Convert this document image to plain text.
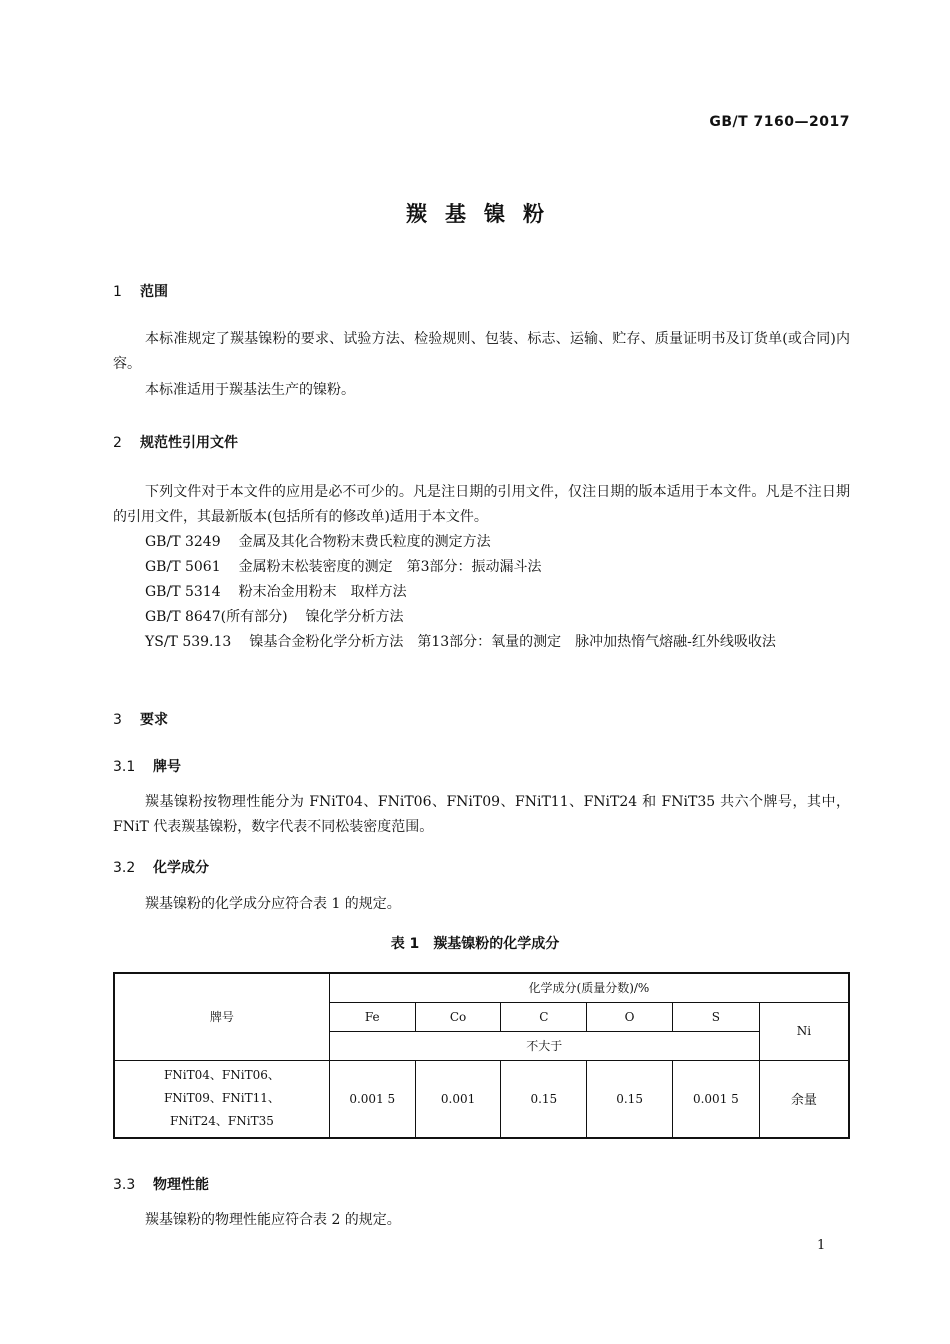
GB/T 7160—2017
羰基镍粉
1 范围
本标准规定了羰基镍粉的要求、试验方法、检验规则、包装、标志、运输、贮存、质量证明书及订货单(或合同)内容。
本标准适用于羰基法生产的镍粉。
2 规范性引用文件
下列文件对于本文件的应用是必不可少的。凡是注日期的引用文件，仅注日期的版本适用于本文件。凡是不注日期的引用文件，其最新版本(包括所有的修改单)适用于本文件。
GB/T 3249 金属及其化合物粉末费氏粒度的测定方法
GB/T 5061 金属粉末松装密度的测定　第3部分：振动漏斗法
GB/T 5314 粉末冶金用粉末　取样方法
GB/T 8647(所有部分) 镍化学分析方法
YS/T 539.13 镍基合金粉化学分析方法　第13部分：氧量的测定　脉冲加热惰气熔融-红外线吸收法
3 要求
3.1 牌号
羰基镍粉按物理性能分为 FNiT04、FNiT06、FNiT09、FNiT11、FNiT24 和 FNiT35 共六个牌号，其中，FNiT 代表羰基镍粉，数字代表不同松装密度范围。
3.2 化学成分
羰基镍粉的化学成分应符合表 1 的规定。
表 1 羰基镍粉的化学成分
牌号	化学成分(质量分数)/%					
	Fe	Co	C	O	S	Ni
	不大于					

FNiT04、FNiT06、
FNiT09、FNiT11、
FNiT24、FNiT35	0.001 5	0.001	0.15	0.15	0.001 5	余量
3.3 物理性能
羰基镍粉的物理性能应符合表 2 的规定。
1
